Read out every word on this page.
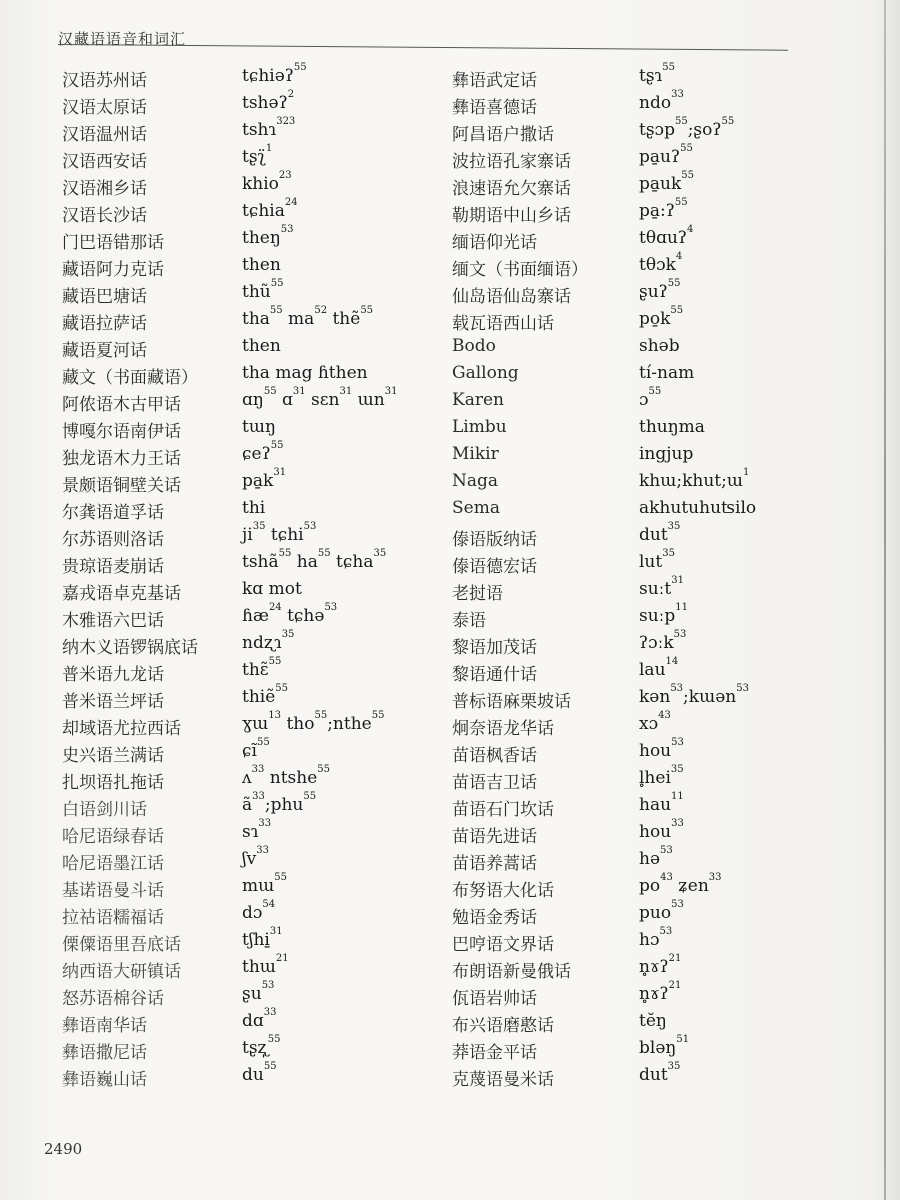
汉藏语语音和词汇
汉语苏州话	tɕhiəʔ$^{55}$
汉语太原话	tshəʔ$^2$
汉语温州话	tshɿ$^{323}$
汉语西安话	tʂʅ̈$^1$
汉语湘乡话	khio$^{23}$
汉语长沙话	tɕhia$^{24}$
门巴语错那话	theŋ$^{53}$
藏语阿力克话	then
藏语巴塘话	thũ$^{55}$
藏语拉萨话	tha$^{55}$ $ma^{52}$ thẽ$^{55}$
藏语夏河话	then
藏文（书面藏语）	tha mag ɦthen
阿侬语木古甲话	ɑŋ$^{55}$ ɑ$^{31}$ sɛn$^{31}$ ɯn$^{31}$
博嘎尔语南伊话	tɯŋ
独龙语木力王话	ɕeʔ$^{55}$
景颇语铜壁关话	$pa̱k^{31}$
尔龚语道孚话	thi
尔苏语则洛话	$ji^{35}$ tɕhi$^{53}$
贵琼语麦崩话	tshã$^{55}$ $ha^{55}$ tɕha$^{35}$
嘉戎语卓克基话	kɑ mot
木雅语六巴话	ɦæ$^{24}$ tɕhə$^{53}$
纳木义语锣锅底话	ndʐɿ$^{35}$
普米语九龙话	thɛ̃$^{55}$
普米语兰坪话	thiẽ$^{55}$
却域语尤拉西话	ɣɯ$^{13}$ tho$^{55}$;nthe$^{55}$
史兴语兰满话	ɕĩ$^{55}$
扎坝语扎拖话	ʌ$^{33}$ ntshe$^{55}$
白语剑川话	$ã^{33};phu^{55}$
哈尼语绿春话	sɿ$^{33}$
哈尼语墨江话	ʃv$^{33}$
基诺语曼斗话	mɯ$^{55}$
拉祜语糯福话	dɔ$^{54}$
傈僳语里吾底话	tʃhi̱$^{31}$
纳西语大研镇话	thɯ$^{21}$
怒苏语棉谷话	ʂu$^{53}$
彝语南华话	dɑ$^{33}$
彝语撒尼话	tʂʐ̩$^{55}$
彝语巍山话	$du^{55}$
彝语武定话	tʂɿ$^{55}$
彝语喜德话	ndo$^{33}$
阿昌语户撒话	tʂɔp$^{55}$;ʂoʔ$^{55}$
波拉语孔家寨话	pa̱uʔ$^{55}$
浪速语允欠寨话	$pa̱uk^{55}$
勒期语中山乡话	pa̱:ʔ$^{55}$
缅语仰光话	tθɑuʔ$^4$
缅文（书面缅语）	tθɔk$^4$
仙岛语仙岛寨话	ʂuʔ$^{55}$
载瓦语西山话	$po̱k^{55}$
Bodo	shəb
Gallong	tí-nam
Karen	ɔ$^{55}$
Limbu	thuŋma
Mikir	ingjup
Naga	khɯ;khut;ɯ$^1$
Sema	akhutuhuʦilo
傣语版纳话	dut$^{35}$
傣语德宏话	lut$^{35}$
老挝语	suːt$^{31}$
泰语	suːp$^{11}$
黎语加茂话	ʔɔːk$^{53}$
黎语通什话	lau$^{14}$
普标语麻栗坡话	kən$^{53}$;kɯən$^{53}$
炯奈语龙华话	xɔ$^{43}$
苗语枫香话	hou$^{53}$
苗语吉卫话	l̥hei$^{35}$
苗语石门坎话	hau$^{11}$
苗语先进话	hou$^{33}$
苗语养蒿话	hə$^{53}$
布努语大化话	$po^{43}$ ʑen$^{33}$
勉语金秀话	puo$^{53}$
巴哼语文界话	hɔ$^{53}$
布朗语新曼俄话	n̥ɤʔ$^{21}$
佤语岩帅话	n̥ɤʔ$^{21}$
布兴语磨憨话	tĕŋ
莽语金平话	bləŋ$^{51}$
克蔑语曼米话	dut$^{35}$
2490
